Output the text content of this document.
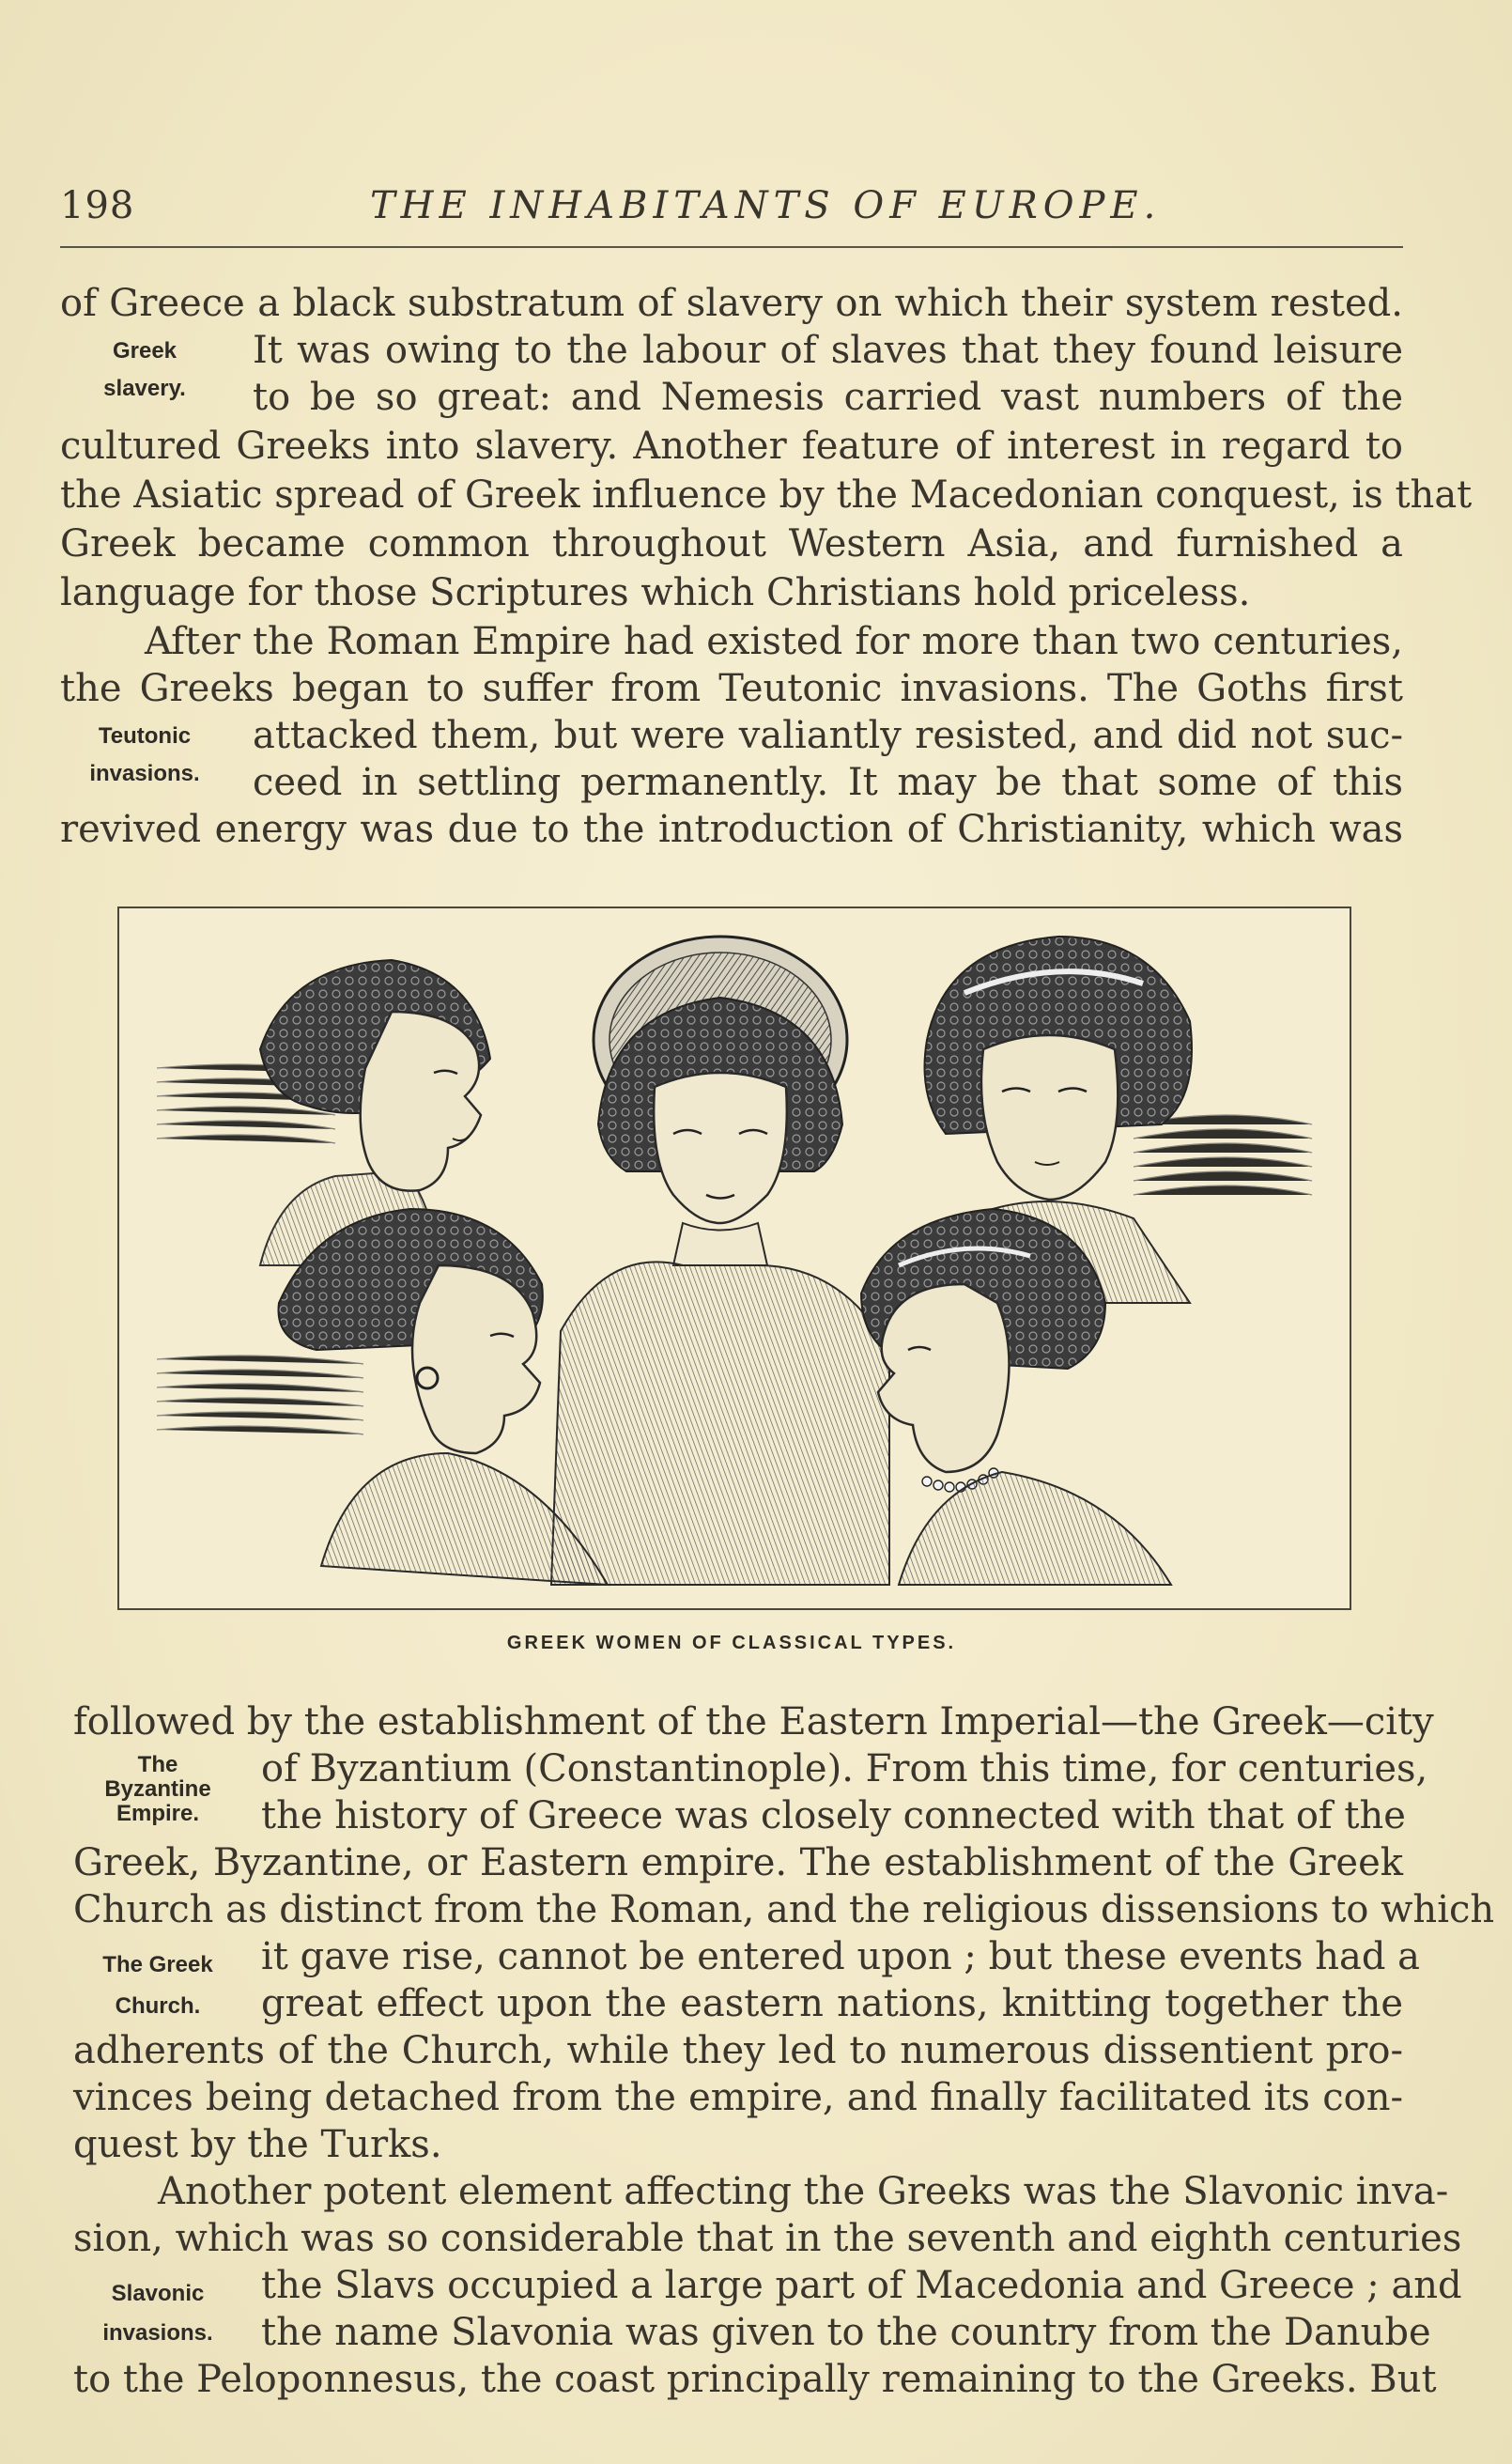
198	THE INHABITANTS OF EUROPE.
of Greece a black substratum of slavery on which their system rested.
It was owing to the labour of slaves that they found leisure
to be so great: and Nemesis carried vast numbers of the
cultured Greeks into slavery. Another feature of interest in regard to
the Asiatic spread of Greek influence by the Macedonian conquest, is that
Greek became common throughout Western Asia, and furnished a
language for those Scriptures which Christians hold priceless.
After the Roman Empire had existed for more than two centuries,
the Greeks began to suffer from Teutonic invasions. The Goths first
attacked them, but were valiantly resisted, and did not suc-
ceed in settling permanently. It may be that some of this
revived energy was due to the introduction of Christianity, which was
Greek
slavery.
Teutonic
invasions.
GREEK WOMEN OF CLASSICAL TYPES.
followed by the establishment of the Eastern Imperial—the Greek—city
of Byzantium (Constantinople). From this time, for centuries,
the history of Greece was closely connected with that of the
Greek, Byzantine, or Eastern empire. The establishment of the Greek
Church as distinct from the Roman, and the religious dissensions to which
it gave rise, cannot be entered upon ; but these events had a
great effect upon the eastern nations, knitting together the
adherents of the Church, while they led to numerous dissentient pro-
vinces being detached from the empire, and finally facilitated its con-
quest by the Turks.
Another potent element affecting the Greeks was the Slavonic inva-
sion, which was so considerable that in the seventh and eighth centuries
the Slavs occupied a large part of Macedonia and Greece ; and
the name Slavonia was given to the country from the Danube
to the Peloponnesus, the coast principally remaining to the Greeks. But
The
Byzantine
Empire.
The Greek
Church.
Slavonic
invasions.
